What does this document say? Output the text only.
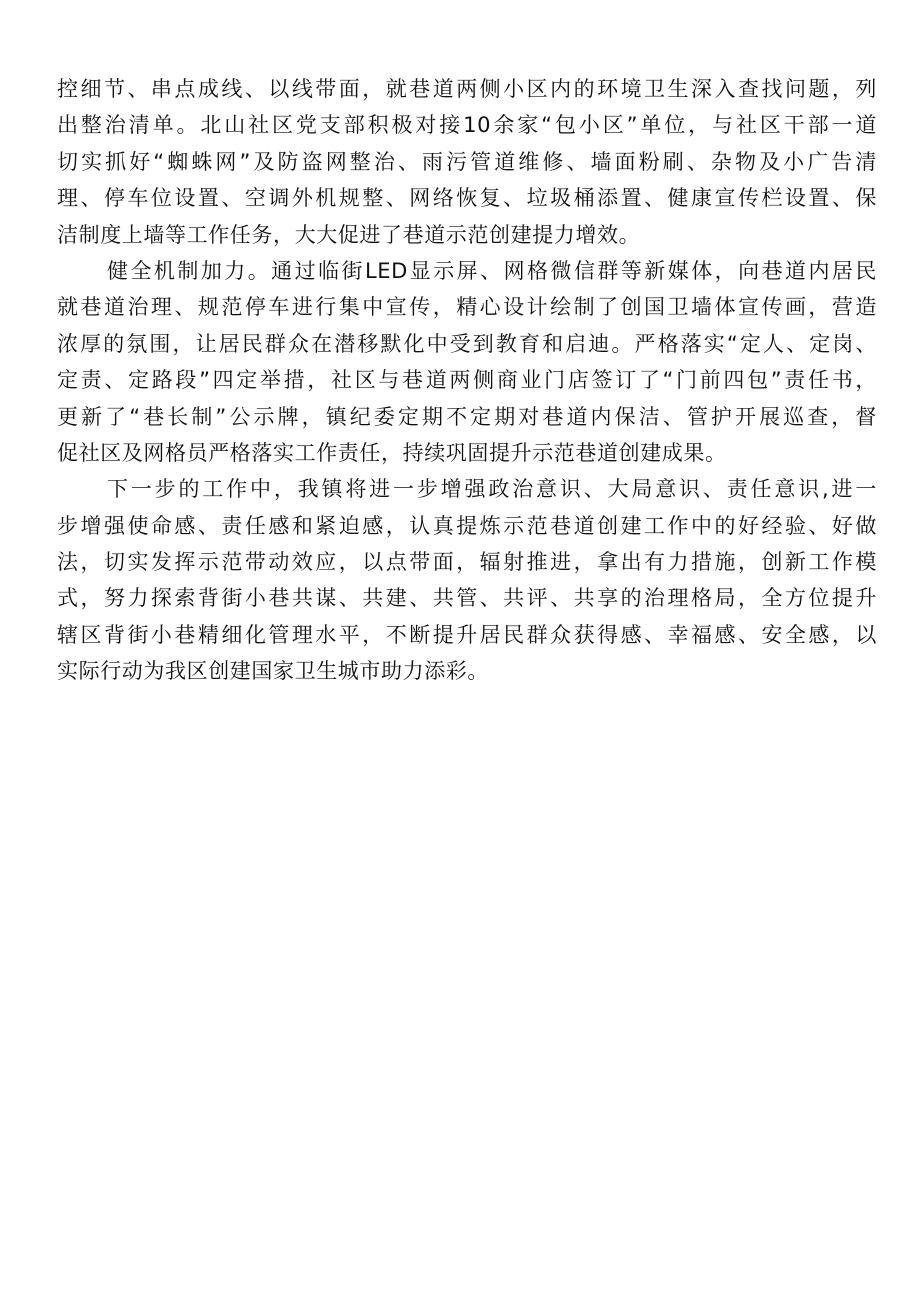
控细节、串点成线、以线带面，就巷道两侧小区内的环境卫生深入查找问题，列
出整治清单。北山社区党支部积极对接10余家“包小区”单位，与社区干部一道
切实抓好“蜘蛛网”及防盗网整治、雨污管道维修、墙面粉刷、杂物及小广告清
理、停车位设置、空调外机规整、网络恢复、垃圾桶添置、健康宣传栏设置、保
洁制度上墙等工作任务，大大促进了巷道示范创建提力增效。
健全机制加力。通过临街LED显示屏、网格微信群等新媒体，向巷道内居民
就巷道治理、规范停车进行集中宣传，精心设计绘制了创国卫墙体宣传画，营造
浓厚的氛围，让居民群众在潜移默化中受到教育和启迪。严格落实“定人、定岗、
定责、定路段”四定举措，社区与巷道两侧商业门店签订了“门前四包”责任书，
更新了“巷长制”公示牌，镇纪委定期不定期对巷道内保洁、管护开展巡查，督
促社区及网格员严格落实工作责任，持续巩固提升示范巷道创建成果。
下一步的工作中，我镇将进一步增强政治意识、大局意识、责任意识,进一
步增强使命感、责任感和紧迫感，认真提炼示范巷道创建工作中的好经验、好做
法，切实发挥示范带动效应，以点带面，辐射推进，拿出有力措施，创新工作模
式，努力探索背街小巷共谋、共建、共管、共评、共享的治理格局，全方位提升
辖区背街小巷精细化管理水平，不断提升居民群众获得感、幸福感、安全感，以
实际行动为我区创建国家卫生城市助力添彩。
